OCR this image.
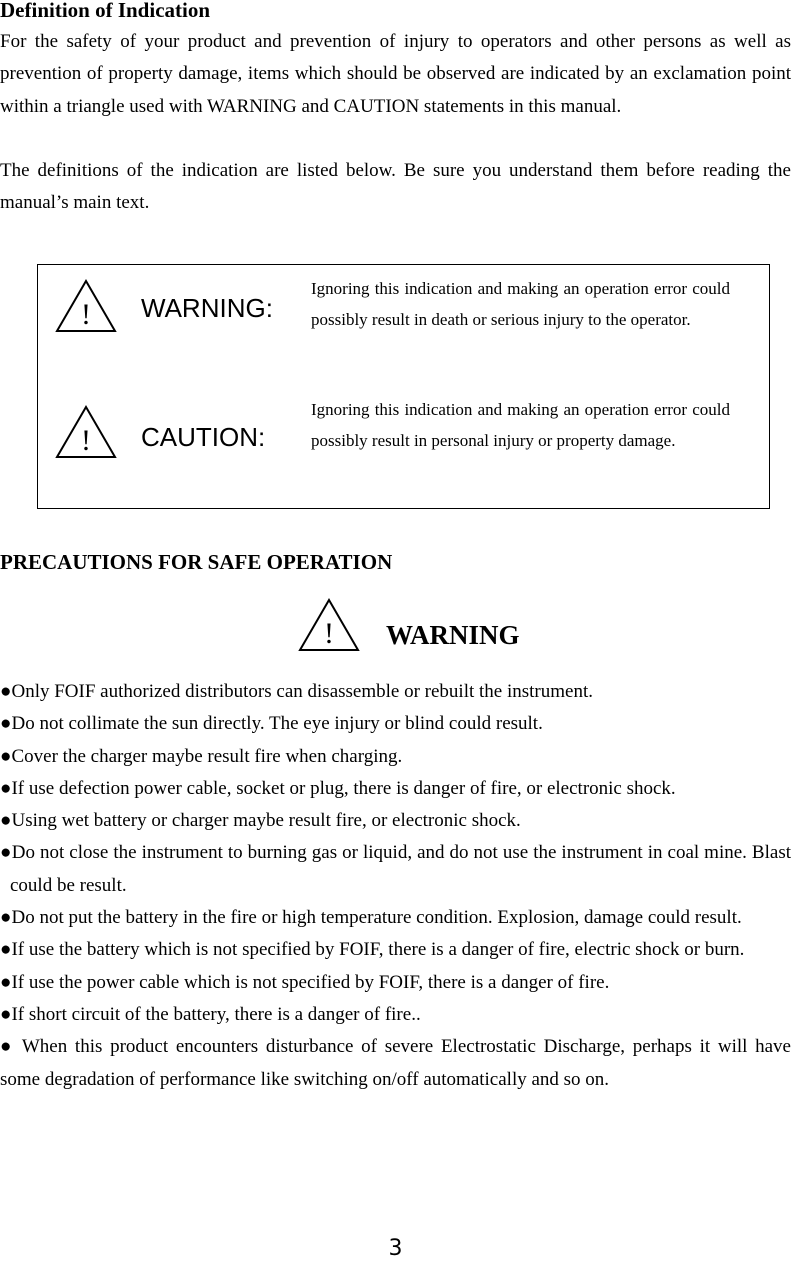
Definition of Indication

For the safety of your product and prevention of injury to operators and other persons as well as prevention of property damage, items which should be observed are indicated by an exclamation point within a triangle used with WARNING and CAUTION statements in this manual.

The definitions of the indication are listed below. Be sure you understand them before reading the manual’s main text.

! WARNING:
Ignoring this indication and making an operation error could possibly result in death or serious injury to the operator.
! CAUTION:
Ignoring this indication and making an operation error could possibly result in personal injury or property damage.
PRECAUTIONS FOR SAFE OPERATION
! WARNING
●Only FOIF authorized distributors can disassemble or rebuilt the instrument.
●Do not collimate the sun directly. The eye injury or blind could result.
●Cover the charger maybe result fire when charging.
●If use defection power cable, socket or plug, there is danger of fire, or electronic shock.
●Using wet battery or charger maybe result fire, or electronic shock.
●Do not close the instrument to burning gas or liquid, and do not use the instrument in coal mine. Blast could be result.
●Do not put the battery in the fire or high temperature condition. Explosion, damage could result.
●If use the battery which is not specified by FOIF, there is a danger of fire, electric shock or burn.
●If use the power cable which is not specified by FOIF, there is a danger of fire.
●If short circuit of the battery, there is a danger of fire..
● When this product encounters disturbance of severe Electrostatic Discharge, perhaps it will have some degradation of performance like switching on/off automatically and so on.
3
